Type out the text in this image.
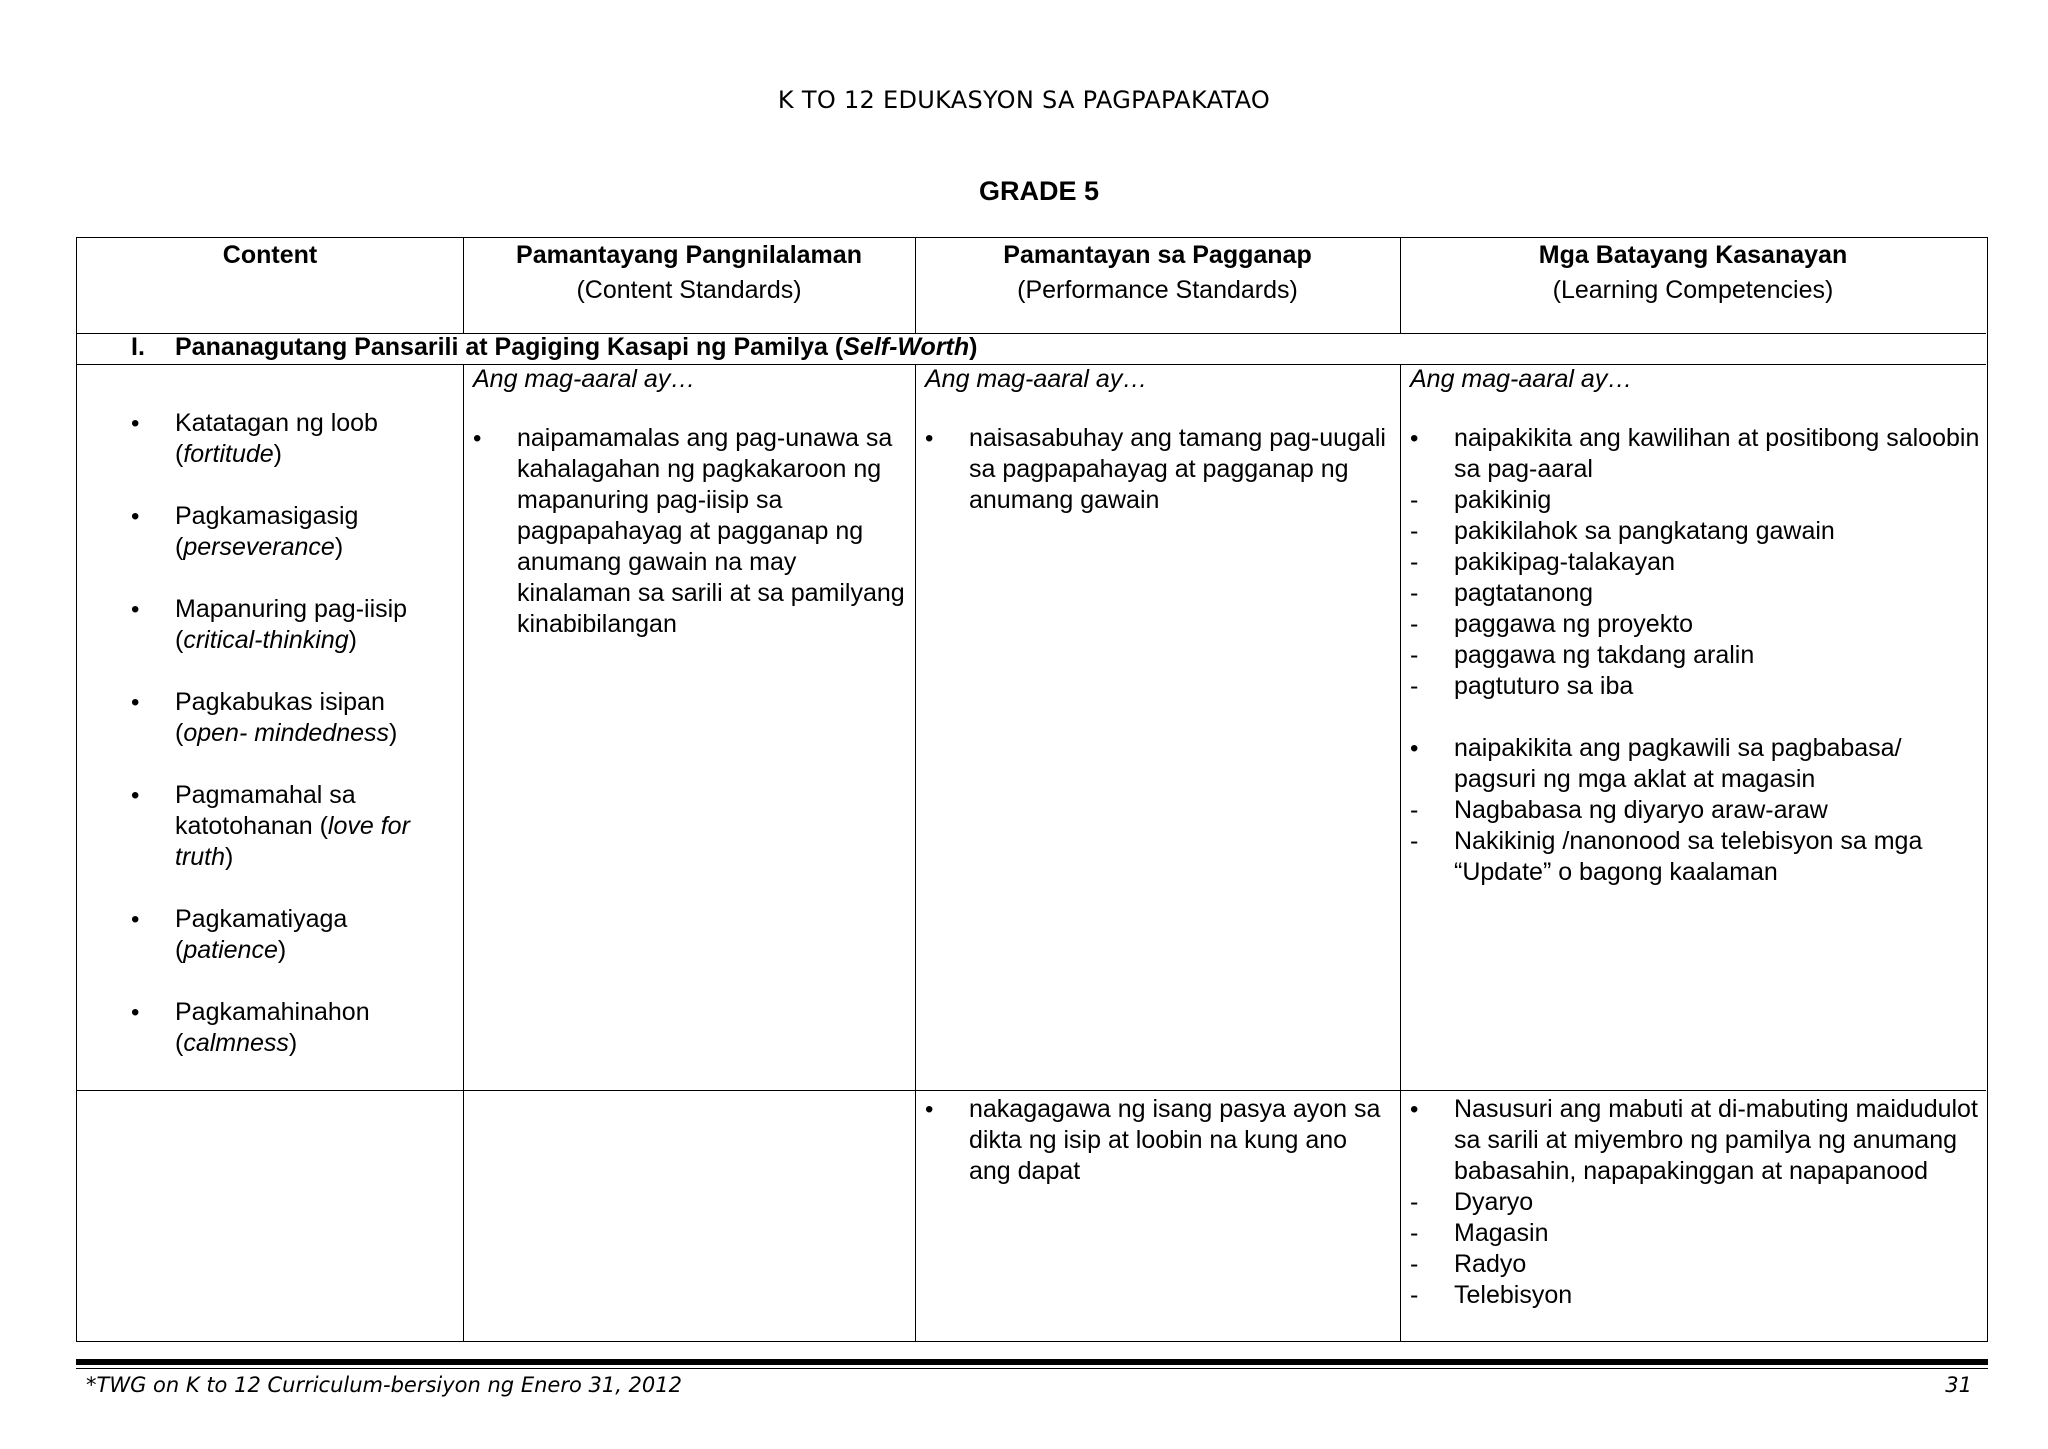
K TO 12 EDUKASYON SA PAGPAPAKATAO
GRADE 5
Content	Pamantayang Pangnilalaman
(Content Standards)
Pamantayan sa Pagganap
(Performance Standards)
Mga Batayang Kasanayan
(Learning Competencies)
I. Pananagutang Pansarili at Pagiging Kasapi ng Pamilya (Self-Worth)
• Katatagan ng loob (fortitude)
• Pagkamasigasig (perseverance)
• Mapanuring pag-iisip (critical-thinking)
• Pagkabukas isipan (open- mindedness)
• Pagmamahal sa katotohanan (love for truth)
• Pagkamatiyaga (patience)
• Pagkamahinahon (calmness)
Ang mag-aaral ay…
• naipamamalas ang pag-unawa sa kahalagahan ng pagkakaroon ng mapanuring pag-iisip sa pagpapahayag at pagganap ng anumang gawain na may kinalaman sa sarili at sa pamilyang kinabibilangan
Ang mag-aaral ay…
• naisasabuhay ang tamang pag-uugali sa pagpapahayag at pagganap ng anumang gawain
Ang mag-aaral ay…
• naipakikita ang kawilihan at positibong saloobin sa pag-aaral
- pakikinig
- pakikilahok sa pangkatang gawain
- pakikipag-talakayan
- pagtatanong
- paggawa ng proyekto
- paggawa ng takdang aralin
- pagtuturo sa iba
• naipakikita ang pagkawili sa pagbabasa/ pagsuri ng mga aklat at magasin
- Nagbabasa ng diyaryo araw-araw
- Nakikinig /nanonood sa telebisyon sa mga “Update” o bagong kaalaman
• nakagagawa ng isang pasya ayon sa dikta ng isip at loobin na kung ano ang dapat
• Nasusuri ang mabuti at di-mabuting maidudulot sa sarili at miyembro ng pamilya ng anumang babasahin, napapakinggan at napapanood
- Dyaryo
- Magasin
- Radyo
- Telebisyon
*TWG on K to 12 Curriculum-bersiyon ng Enero 31, 2012	31
